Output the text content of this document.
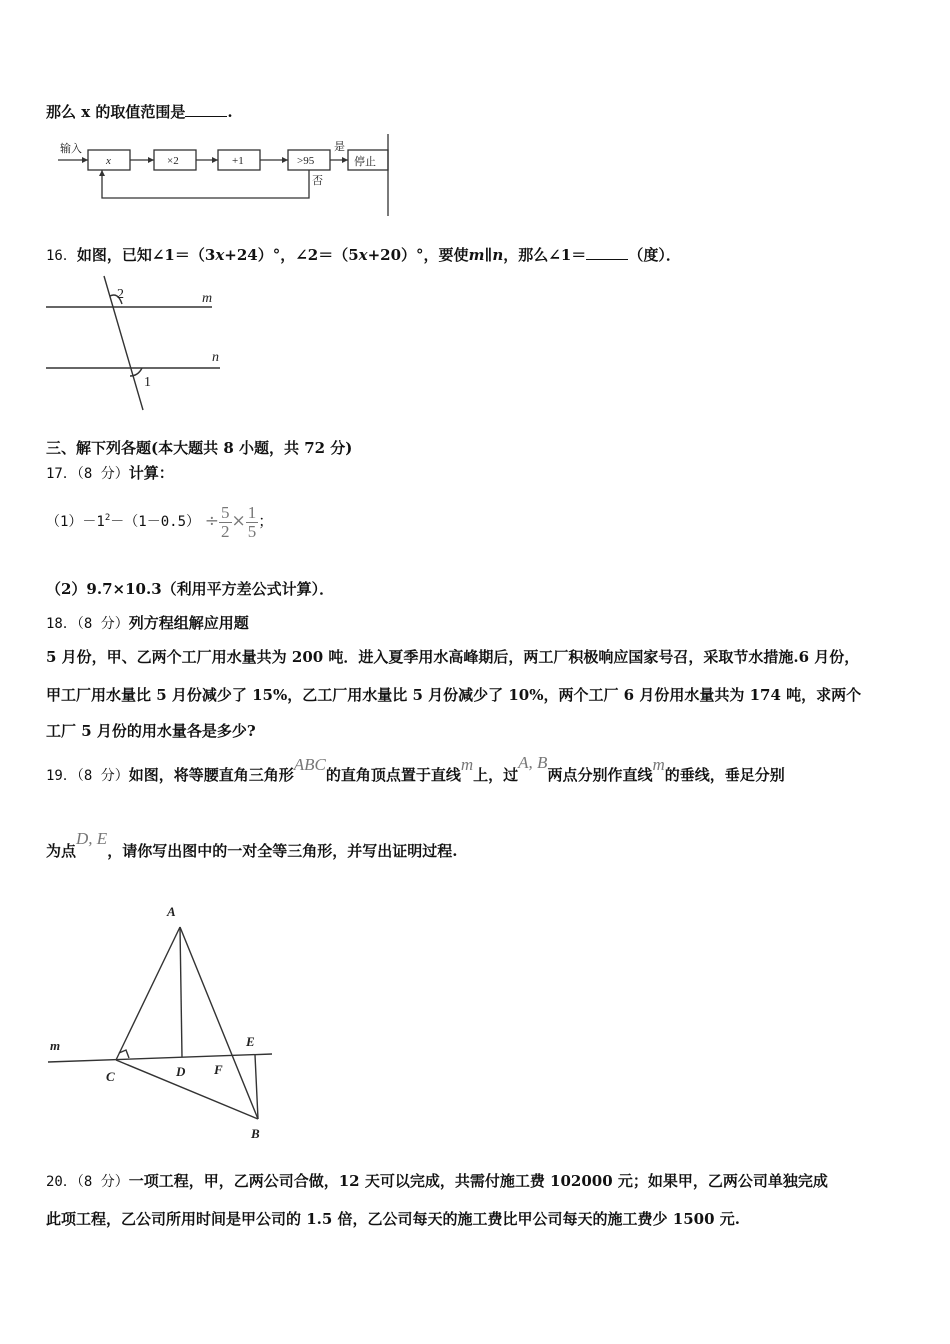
那么 x 的取值范围是	.
输入
x	×2	+1	>95
是
停止
否
16．如图，已知∠1＝（3x+24）°，∠2＝（5x+20）°，要使m∥n，那么∠1＝	（度）．
m
n
2
1
三、解下列各题(本大题共 8 小题，共 72 分)
17．（8 分）计算：
$(1)-1^2-(1-0.5) \div \frac{5}{2} \times \frac{1}{5}$ ；
（2）9.7×10.3（利用平方差公式计算）．
18．（8 分）列方程组解应用题
5 月份，甲、乙两个工厂用水量共为 200 吨．进入夏季用水高峰期后，两工厂积极响应国家号召，采取节水措施.6 月份，
甲工厂用水量比 5 月份减少了 15%，乙工厂用水量比 5 月份减少了 10%，两个工厂 6 月份用水量共为 174 吨，求两个
工厂 5 月份的用水量各是多少?
19．（8 分）如图，将等腰直角三角形ABC的直角顶点置于直线m上，过A, B两点分别作直线m的垂线，垂足分别
为点D, E，请你写出图中的一对全等三角形，并写出证明过程.
m
A
C	D F
E
B
20．（8 分）一项工程，甲，乙两公司合做，12 天可以完成，共需付施工费 102000 元；如果甲，乙两公司单独完成
此项工程，乙公司所用时间是甲公司的 1.5 倍，乙公司每天的施工费比甲公司每天的施工费少 1500 元.
